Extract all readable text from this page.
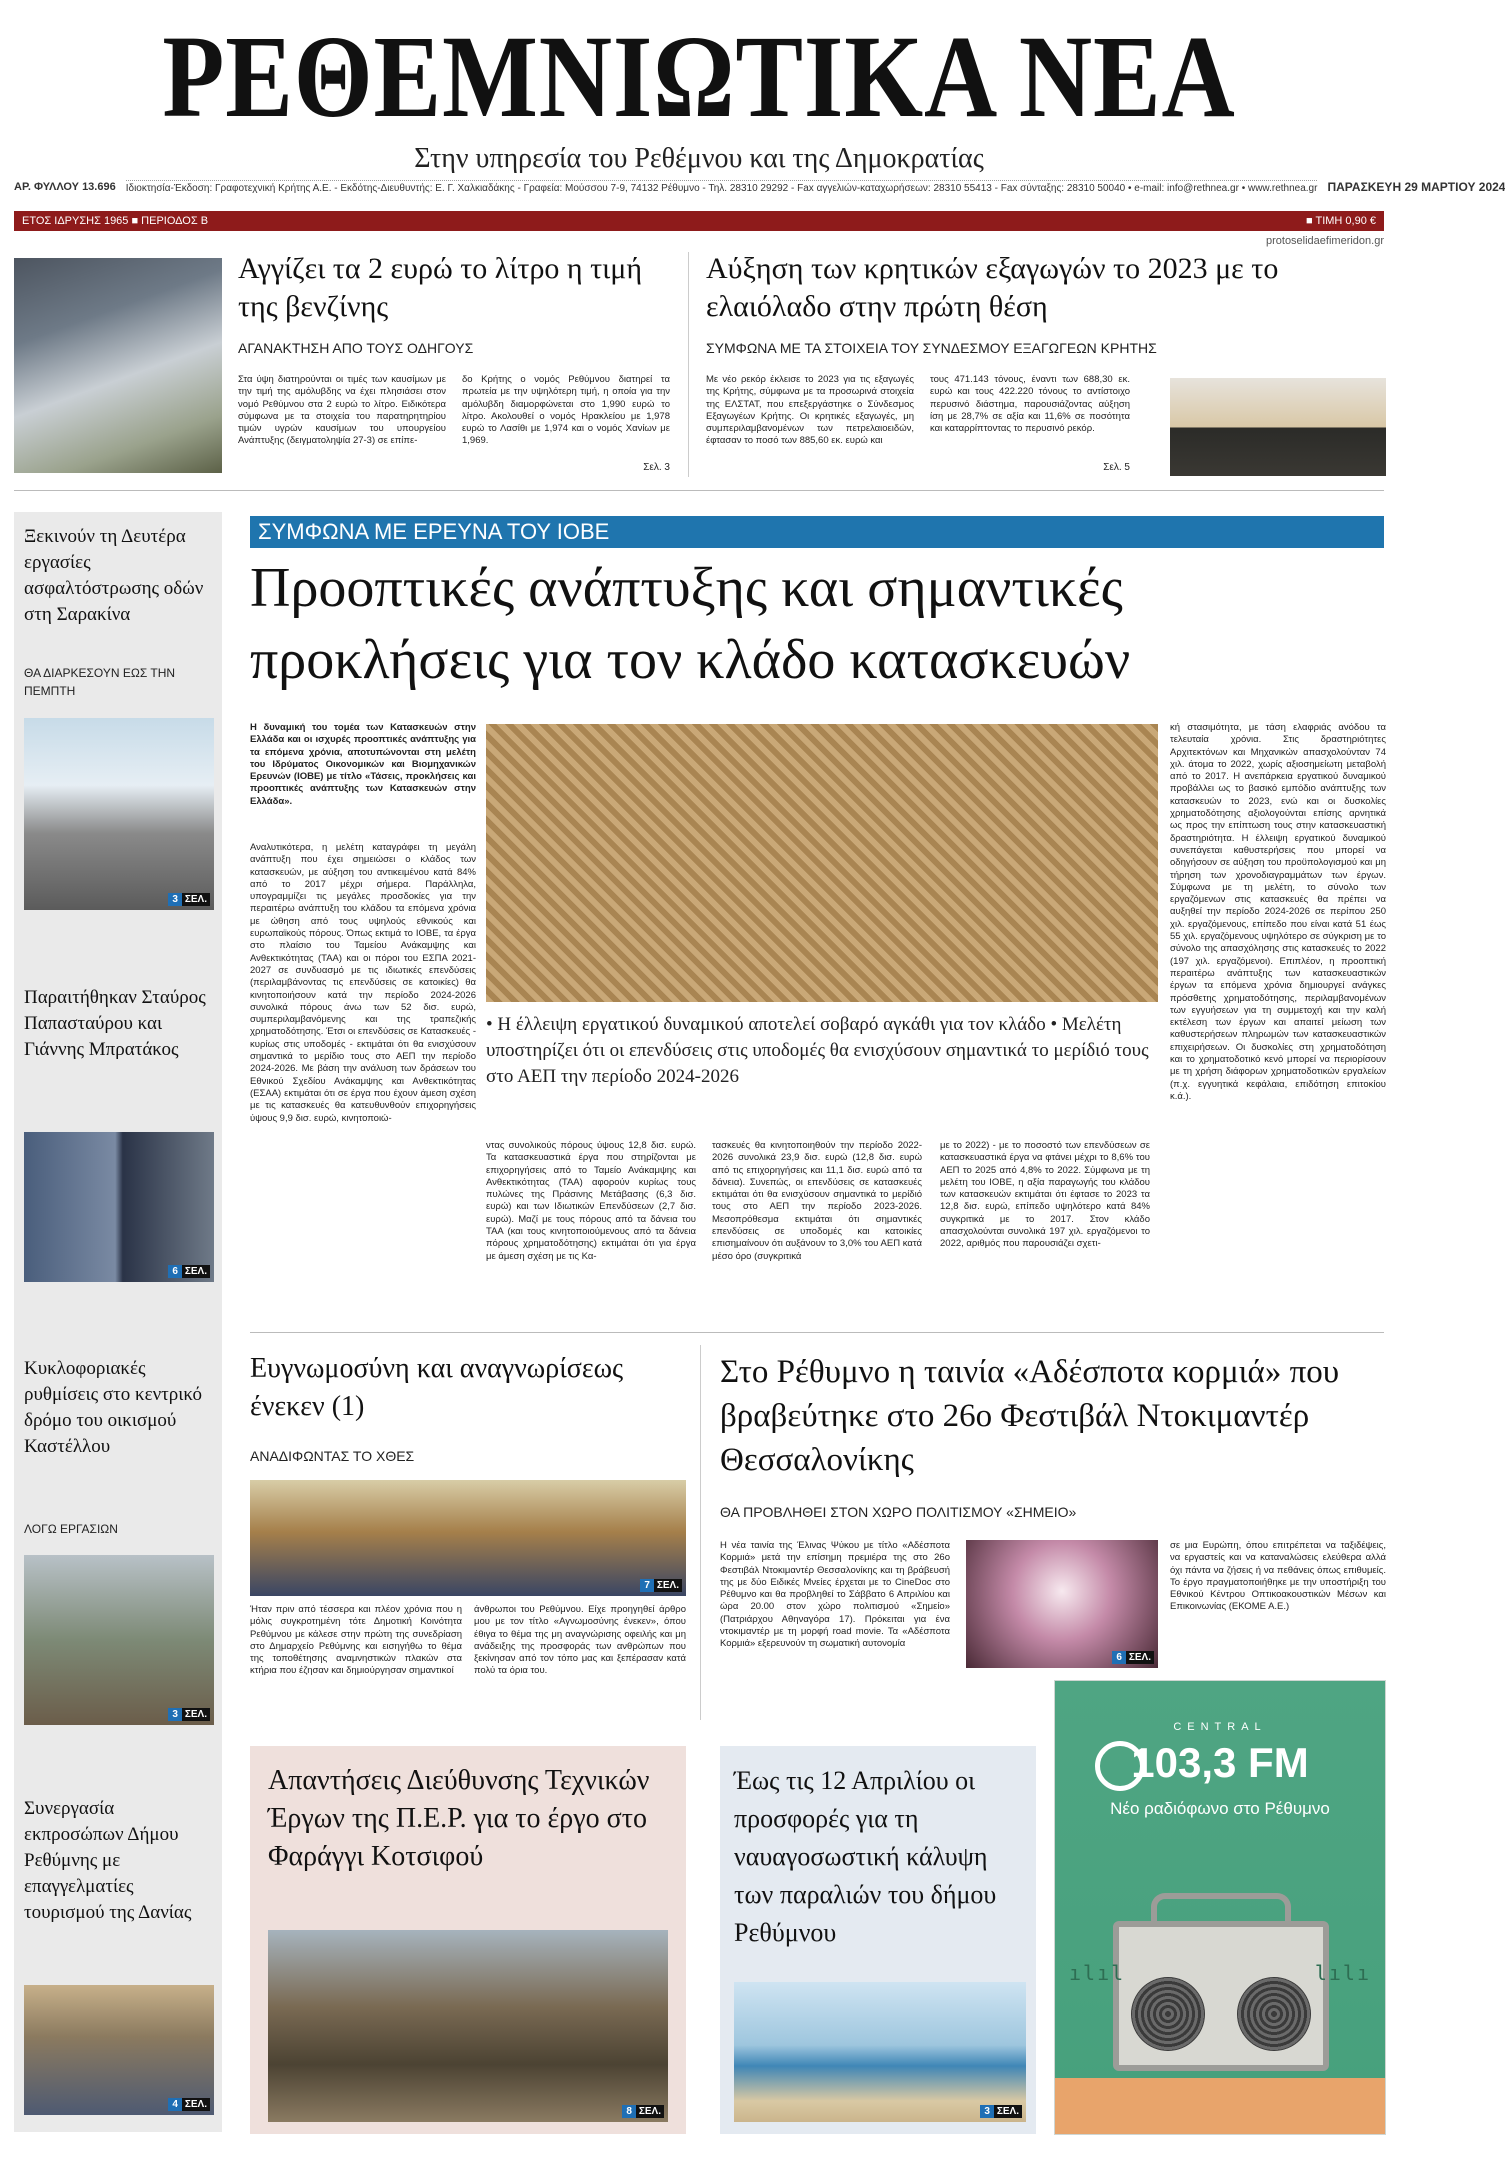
ΡΕΘΕΜΝΙΩΤΙΚΑ ΝΕΑ
Στην υπηρεσία του Ρεθέμνου και της Δημοκρατίας
ΑΡ. ΦΥΛΛΟΥ 13.696 Ιδιοκτησία-Έκδοση: Γραφοτεχνική Κρήτης Α.Ε. - Εκδότης-Διευθυντής: Ε. Γ. Χαλκιαδάκης - Γραφεία: Μούσσου 7-9, 74132 Ρέθυμνο - Τηλ. 28310 29292 - Fax αγγελιών-καταχωρήσεων: 28310 55413 - Fax σύνταξης: 28310 50040 • e-mail: info@rethnea.gr • www.rethnea.gr ΠΑΡΑΣΚΕΥΗ 29 ΜΑΡΤΙΟΥ 2024
ΕΤΟΣ ΙΔΡΥΣΗΣ 1965 ■ ΠΕΡΙΟΔΟΣ Β	■ ΤΙΜΗ 0,90 €
protoselidaefimeridon.gr
Αγγίζει τα 2 ευρώ το λίτρο η τιμή της βενζίνης
ΑΓΑΝΑΚΤΗΣΗ ΑΠΟ ΤΟΥΣ ΟΔΗΓΟΥΣ
Στα ύψη διατηρούνται οι τιμές των καυσίμων με την τιμή της αμόλυβδης να έχει πλησιάσει στον νομό Ρεθύμνου στα 2 ευρώ το λίτρο. Ειδικότερα σύμφωνα με τα στοιχεία του παρατηρητηρίου τιμών υγρών καυσίμων του υπουργείου Ανάπτυξης (δειγματοληψία 27-3) σε επίπε-
δο Κρήτης ο νομός Ρεθύμνου διατηρεί τα πρωτεία με την υψηλότερη τιμή, η οποία για την αμόλυβδη διαμορφώνεται στο 1,990 ευρώ το λίτρο. Ακολουθεί ο νομός Ηρακλείου με 1,978 ευρώ το Λασίθι με 1,974 και ο νομός Χανίων με 1,969.
Σελ. 3
Αύξηση των κρητικών εξαγωγών το 2023 με το ελαιόλαδο στην πρώτη θέση
ΣΥΜΦΩΝΑ ΜΕ ΤΑ ΣΤΟΙΧΕΙΑ ΤΟΥ ΣΥΝΔΕΣΜΟΥ ΕΞΑΓΩΓΕΩΝ ΚΡΗΤΗΣ
Με νέο ρεκόρ έκλεισε το 2023 για τις εξαγωγές της Κρήτης, σύμφωνα με τα προσωρινά στοιχεία της ΕΛΣΤΑΤ, που επεξεργάστηκε ο Σύνδεσμος Εξαγωγέων Κρήτης. Οι κρητικές εξαγωγές, μη συμπεριλαμβανομένων των πετρελαιοειδών, έφτασαν το ποσό των 885,60 εκ. ευρώ και
τους 471.143 τόνους, έναντι των 688,30 εκ. ευρώ και τους 422.220 τόνους το αντίστοιχο περυσινό διάστημα, παρουσιάζοντας αύξηση ίση με 28,7% σε αξία και 11,6% σε ποσότητα και καταρρίπτοντας το περυσινό ρεκόρ.
Σελ. 5
Ξεκινούν τη Δευτέρα εργασίες ασφαλτόστρωσης οδών στη Σαρακίνα
ΘΑ ΔΙΑΡΚΕΣΟΥΝ ΕΩΣ ΤΗΝ ΠΕΜΠΤΗ
3 ΣΕΛ.
Παραιτήθηκαν Σταύρος Παπασταύρου και Γιάννης Μπρατάκος
6 ΣΕΛ.
Κυκλοφοριακές ρυθμίσεις στο κεντρικό δρόμο του οικισμού Καστέλλου
ΛΟΓΩ ΕΡΓΑΣΙΩΝ
3 ΣΕΛ.
Συνεργασία εκπροσώπων Δήμου Ρεθύμνης με επαγγελματίες τουρισμού της Δανίας
4 ΣΕΛ.
ΣΥΜΦΩΝΑ ΜΕ ΕΡΕΥΝΑ ΤΟΥ ΙΟΒΕ
Προοπτικές ανάπτυξης και σημαντικές προκλήσεις για τον κλάδο κατασκευών
Η δυναμική του τομέα των Κατασκευών στην Ελλάδα και οι ισχυρές προοπτικές ανάπτυξης για τα επόμενα χρόνια, αποτυπώνονται στη μελέτη του Ιδρύματος Οικονομικών και Βιομηχανικών Ερευνών (ΙΟΒΕ) με τίτλο «Τάσεις, προκλήσεις και προοπτικές ανάπτυξης των Κατασκευών στην Ελλάδα».
Αναλυτικότερα, η μελέτη καταγράφει τη μεγάλη ανάπτυξη που έχει σημειώσει ο κλάδος των κατασκευών, με αύξηση του αντικειμένου κατά 84% από το 2017 μέχρι σήμερα. Παράλληλα, υπογραμμίζει τις μεγάλες προσδοκίες για την περαιτέρω ανάπτυξη του κλάδου τα επόμενα χρόνια με ώθηση από τους υψηλούς εθνικούς και ευρωπαϊκούς πόρους. Όπως εκτιμά το ΙΟΒΕ, τα έργα στο πλαίσιο του Ταμείου Ανάκαμψης και Ανθεκτικότητας (ΤΑΑ) και οι πόροι του ΕΣΠΑ 2021-2027 σε συνδυασμό με τις ιδιωτικές επενδύσεις (περιλαμβάνοντας τις επενδύσεις σε κατοικίες) θα κινητοποιήσουν κατά την περίοδο 2024-2026 συνολικά πόρους άνω των 52 δισ. ευρώ, συμπεριλαμβανόμενης και της τραπεζικής χρηματοδότησης. Έτσι οι επενδύσεις σε Κατασκευές - κυρίως στις υποδομές - εκτιμάται ότι θα ενισχύσουν σημαντικά το μερίδιο τους στο ΑΕΠ την περίοδο 2024-2026. Με βάση την ανάλυση των δράσεων του Εθνικού Σχεδίου Ανάκαμψης και Ανθεκτικότητας (ΕΣΑΑ) εκτιμάται ότι σε έργα που έχουν άμεση σχέση με τις κατασκευές θα κατευθυνθούν επιχορηγήσεις ύψους 9,9 δισ. ευρώ, κινητοποιώ-
• Η έλλειψη εργατικού δυναμικού αποτελεί σοβαρό αγκάθι για τον κλάδο • Μελέτη υποστηρίζει ότι οι επενδύσεις στις υποδομές θα ενισχύσουν σημαντικά το μερίδιό τους στο ΑΕΠ την περίοδο 2024-2026
ντας συνολικούς πόρους ύψους 12,8 δισ. ευρώ. Τα κατασκευαστικά έργα που στηρίζονται με επιχορηγήσεις από το Ταμείο Ανάκαμψης και Ανθεκτικότητας (ΤΑΑ) αφορούν κυρίως τους πυλώνες της Πράσινης Μετάβασης (6,3 δισ. ευρώ) και των Ιδιωτικών Επενδύσεων (2,7 δισ. ευρώ). Μαζί με τους πόρους από τα δάνεια του ΤΑΑ (και τους κινητοποιούμενους από τα δάνεια πόρους χρηματοδότησης) εκτιμάται ότι για έργα με άμεση σχέση με τις Κα-
τασκευές θα κινητοποιηθούν την περίοδο 2022-2026 συνολικά 23,9 δισ. ευρώ (12,8 δισ. ευρώ από τις επιχορηγήσεις και 11,1 δισ. ευρώ από τα δάνεια). Συνεπώς, οι επενδύσεις σε κατασκευές εκτιμάται ότι θα ενισχύσουν σημαντικά το μερίδιό τους στο ΑΕΠ την περίοδο 2023-2026. Μεσοπρόθεσμα εκτιμάται ότι σημαντικές επενδύσεις σε υποδομές και κατοικίες επισημαίνουν ότι αυξάνουν το 3,0% του ΑΕΠ κατά μέσο όρο (συγκριτικά
με το 2022) - με το ποσοστό των επενδύσεων σε κατασκευαστικά έργα να φτάνει μέχρι το 8,6% του ΑΕΠ το 2025 από 4,8% το 2022. Σύμφωνα με τη μελέτη του ΙΟΒΕ, η αξία παραγωγής του κλάδου των κατασκευών εκτιμάται ότι έφτασε το 2023 τα 12,8 δισ. ευρώ, επίπεδο υψηλότερο κατά 84% συγκριτικά με το 2017. Στον κλάδο απασχολούνται συνολικά 197 χιλ. εργαζόμενοι το 2022, αριθμός που παρουσιάζει σχετι-
κή στασιμότητα, με τάση ελαφριάς ανόδου τα τελευταία χρόνια. Στις δραστηριότητες Αρχιτεκτόνων και Μηχανικών απασχολούνταν 74 χιλ. άτομα το 2022, χωρίς αξιοσημείωτη μεταβολή από το 2017. Η ανεπάρκεια εργατικού δυναμικού προβάλλει ως το βασικό εμπόδιο ανάπτυξης των κατασκευών το 2023, ενώ και οι δυσκολίες χρηματοδότησης αξιολογούνται επίσης αρνητικά ως προς την επίπτωση τους στην κατασκευαστική δραστηριότητα. Η έλλειψη εργατικού δυναμικού συνεπάγεται καθυστερήσεις που μπορεί να οδηγήσουν σε αύξηση του προϋπολογισμού και μη τήρηση των χρονοδιαγραμμάτων των έργων. Σύμφωνα με τη μελέτη, το σύνολο των εργαζόμενων στις κατασκευές θα πρέπει να αυξηθεί την περίοδο 2024-2026 σε περίπου 250 χιλ. εργαζόμενους, επίπεδο που είναι κατά 51 έως 55 χιλ. εργαζόμενους υψηλότερο σε σύγκριση με το σύνολο της απασχόλησης στις κατασκευές το 2022 (197 χιλ. εργαζόμενοι). Επιπλέον, η προοπτική περαιτέρω ανάπτυξης των κατασκευαστικών έργων τα επόμενα χρόνια δημιουργεί ανάγκες πρόσθετης χρηματοδότησης, περιλαμβανομένων των εγγυήσεων για τη συμμετοχή και την καλή εκτέλεση των έργων και απαιτεί μείωση των καθυστερήσεων πληρωμών των κατασκευαστικών επιχειρήσεων. Οι δυσκολίες στη χρηματοδότηση και το χρηματοδοτικό κενό μπορεί να περιορίσουν με τη χρήση διάφορων χρηματοδοτικών εργαλείων (π.χ. εγγυητικά κεφάλαια, επιδότηση επιτοκίου κ.ά.).
Ευγνωμοσύνη και αναγνωρίσεως ένεκεν (1)
ΑΝΑΔΙΦΩΝΤΑΣ ΤΟ ΧΘΕΣ
7 ΣΕΛ.
Ήταν πριν από τέσσερα και πλέον χρόνια που η μόλις συγκροτημένη τότε Δημοτική Κοινότητα Ρεθύμνου με κάλεσε στην πρώτη της συνεδρίαση στο Δημαρχείο Ρεθύμνης και εισηγήθω το θέμα της τοποθέτησης αναμνηστικών πλακών στα κτήρια που έζησαν και δημιούργησαν σημαντικοί
άνθρωποι του Ρεθύμνου. Είχε προηγηθεί άρθρο μου με τον τίτλο «Αγνωμοσύνης ένεκεν», όπου έθιγα το θέμα της μη αναγνώρισης οφειλής και μη ανάδειξης της προσφοράς των ανθρώπων που ξεκίνησαν από τον τόπο μας και ξεπέρασαν κατά πολύ τα όρια του.
Στο Ρέθυμνο η ταινία «Αδέσποτα κορμιά» που βραβεύτηκε στο 26ο Φεστιβάλ Ντοκιμαντέρ Θεσσαλονίκης
ΘΑ ΠΡΟΒΛΗΘΕΙ ΣΤΟΝ ΧΩΡΟ ΠΟΛΙΤΙΣΜΟΥ «ΣΗΜΕΙΟ»
Η νέα ταινία της Έλινας Ψύκου με τίτλο «Αδέσποτα Κορμιά» μετά την επίσημη πρεμιέρα της στο 26ο Φεστιβάλ Ντοκιμαντέρ Θεσσαλονίκης και τη βράβευσή της με δύο Ειδικές Μνείες έρχεται με το CineDoc στο Ρέθυμνο και θα προβληθεί το Σάββατο 6 Απριλίου και ώρα 20.00 στον χώρο πολιτισμού «Σημείο» (Πατριάρχου Αθηναγόρα 17). Πρόκειται για ένα ντοκιμαντέρ με τη μορφή road movie. Τα «Αδέσποτα Κορμιά» εξερευνούν τη σωματική αυτονομία
6 ΣΕΛ.
σε μια Ευρώπη, όπου επιτρέπεται να ταξιδέψεις, να εργαστείς και να καταναλώσεις ελεύθερα αλλά όχι πάντα να ζήσεις ή να πεθάνεις όπως επιθυμείς. Το έργο πραγματοποιήθηκε με την υποστήριξη του Εθνικού Κέντρου Οπτικοακουστικών Μέσων και Επικοινωνίας (ΕΚΟΜΕ Α.Ε.)
Απαντήσεις Διεύθυνσης Τεχνικών Έργων της Π.Ε.Ρ. για το έργο στο Φαράγγι Κοτσιφού
8 ΣΕΛ.
Έως τις 12 Απριλίου οι προσφορές για τη ναυαγοσωστική κάλυψη των παραλιών του δήμου Ρεθύμνου
3 ΣΕΛ.
CENTRAL
103,3 FM
Νέο ραδιόφωνο στο Ρέθυμνο
ılıl	lılı
